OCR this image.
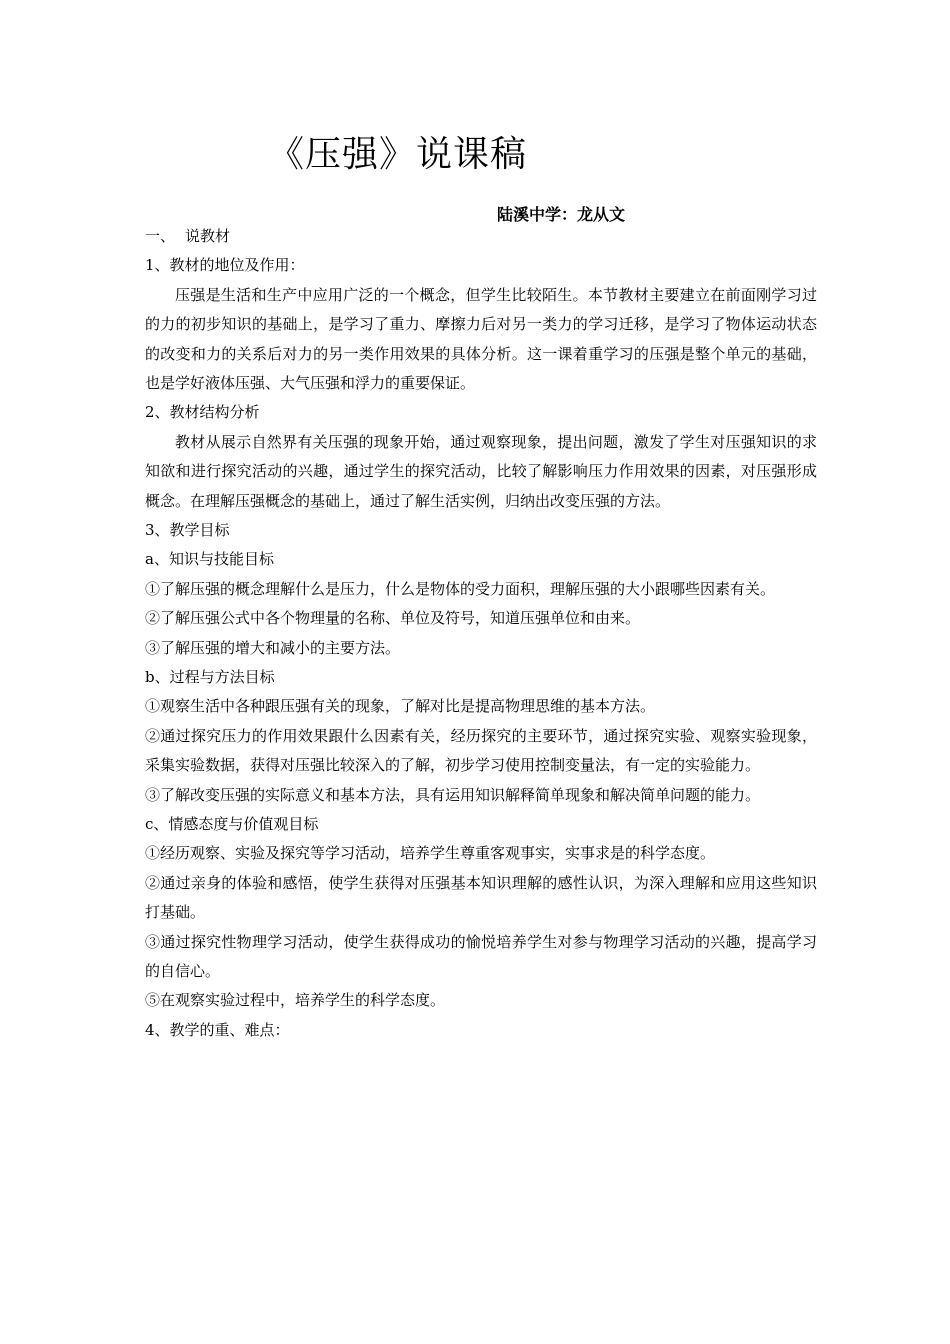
《压强》说课稿
陆溪中学：龙从文
一、 说教材
1、教材的地位及作用：
压强是生活和生产中应用广泛的一个概念，但学生比较陌生。本节教材主要建立在前面刚学习过的力的初步知识的基础上，是学习了重力、摩擦力后对另一类力的学习迁移，是学习了物体运动状态的改变和力的关系后对力的另一类作用效果的具体分析。这一课着重学习的压强是整个单元的基础，也是学好液体压强、大气压强和浮力的重要保证。
2、教材结构分析
教材从展示自然界有关压强的现象开始，通过观察现象，提出问题，激发了学生对压强知识的求知欲和进行探究活动的兴趣，通过学生的探究活动，比较了解影响压力作用效果的因素，对压强形成概念。在理解压强概念的基础上，通过了解生活实例，归纳出改变压强的方法。
3、教学目标
a、知识与技能目标
①了解压强的概念理解什么是压力，什么是物体的受力面积，理解压强的大小跟哪些因素有关。
②了解压强公式中各个物理量的名称、单位及符号，知道压强单位和由来。
③了解压强的增大和减小的主要方法。
b、过程与方法目标
①观察生活中各种跟压强有关的现象，了解对比是提高物理思维的基本方法。
②通过探究压力的作用效果跟什么因素有关，经历探究的主要环节，通过探究实验、观察实验现象，采集实验数据，获得对压强比较深入的了解，初步学习使用控制变量法，有一定的实验能力。
③了解改变压强的实际意义和基本方法，具有运用知识解释简单现象和解决简单问题的能力。
c、情感态度与价值观目标
①经历观察、实验及探究等学习活动，培养学生尊重客观事实，实事求是的科学态度。
②通过亲身的体验和感悟，使学生获得对压强基本知识理解的感性认识，为深入理解和应用这些知识打基础。
③通过探究性物理学习活动，使学生获得成功的愉悦培养学生对参与物理学习活动的兴趣，提高学习的自信心。
⑤在观察实验过程中，培养学生的科学态度。
4、教学的重、难点：
